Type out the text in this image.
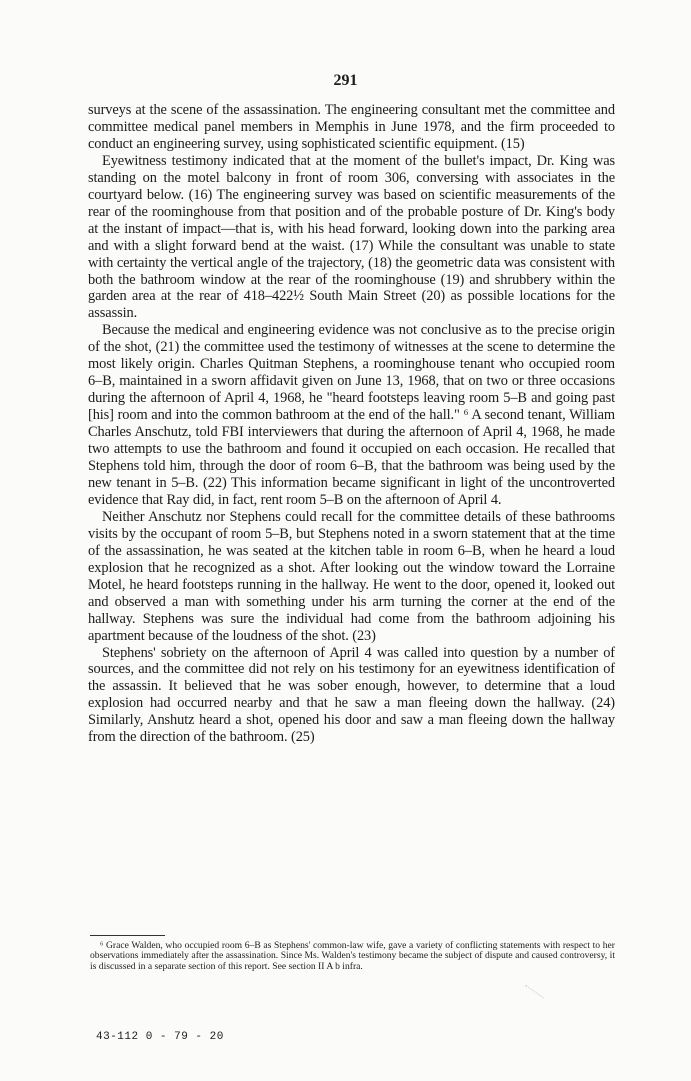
291

surveys at the scene of the assassination. The engineering consultant met the committee and committee medical panel members in Memphis in June 1978, and the firm proceeded to conduct an engineering survey, using sophisticated scientific equipment. (15)

Eyewitness testimony indicated that at the moment of the bullet's impact, Dr. King was standing on the motel balcony in front of room 306, conversing with associates in the courtyard below. (16) The engineering survey was based on scientific measurements of the rear of the roominghouse from that position and of the probable posture of Dr. King's body at the instant of impact—that is, with his head forward, looking down into the parking area and with a slight forward bend at the waist. (17) While the consultant was unable to state with certainty the vertical angle of the trajectory, (18) the geometric data was consistent with both the bathroom window at the rear of the roominghouse (19) and shrubbery within the garden area at the rear of 418–422½ South Main Street (20) as possible locations for the assassin.

Because the medical and engineering evidence was not conclusive as to the precise origin of the shot, (21) the committee used the testimony of witnesses at the scene to determine the most likely origin. Charles Quitman Stephens, a roominghouse tenant who occupied room 6–B, maintained in a sworn affidavit given on June 13, 1968, that on two or three occasions during the afternoon of April 4, 1968, he "heard footsteps leaving room 5–B and going past [his] room and into the common bathroom at the end of the hall." ⁶ A second tenant, William Charles Anschutz, told FBI interviewers that during the afternoon of April 4, 1968, he made two attempts to use the bathroom and found it occupied on each occasion. He recalled that Stephens told him, through the door of room 6–B, that the bathroom was being used by the new tenant in 5–B. (22) This information became significant in light of the uncontroverted evidence that Ray did, in fact, rent room 5–B on the afternoon of April 4.

Neither Anschutz nor Stephens could recall for the committee details of these bathrooms visits by the occupant of room 5–B, but Stephens noted in a sworn statement that at the time of the assassination, he was seated at the kitchen table in room 6–B, when he heard a loud explosion that he recognized as a shot. After looking out the window toward the Lorraine Motel, he heard footsteps running in the hallway. He went to the door, opened it, looked out and observed a man with something under his arm turning the corner at the end of the hallway. Stephens was sure the individual had come from the bathroom adjoining his apartment because of the loudness of the shot. (23)

Stephens' sobriety on the afternoon of April 4 was called into question by a number of sources, and the committee did not rely on his testimony for an eyewitness identification of the assassin. It believed that he was sober enough, however, to determine that a loud explosion had occurred nearby and that he saw a man fleeing down the hallway. (24) Similarly, Anshutz heard a shot, opened his door and saw a man fleeing down the hallway from the direction of the bathroom. (25)

⁶ Grace Walden, who occupied room 6–B as Stephens' common-law wife, gave a variety of conflicting statements with respect to her observations immediately after the assassination. Since Ms. Walden's testimony became the subject of dispute and caused controversy, it is discussed in a separate section of this report. See section II A b infra.
43-112 0 - 79 - 20
